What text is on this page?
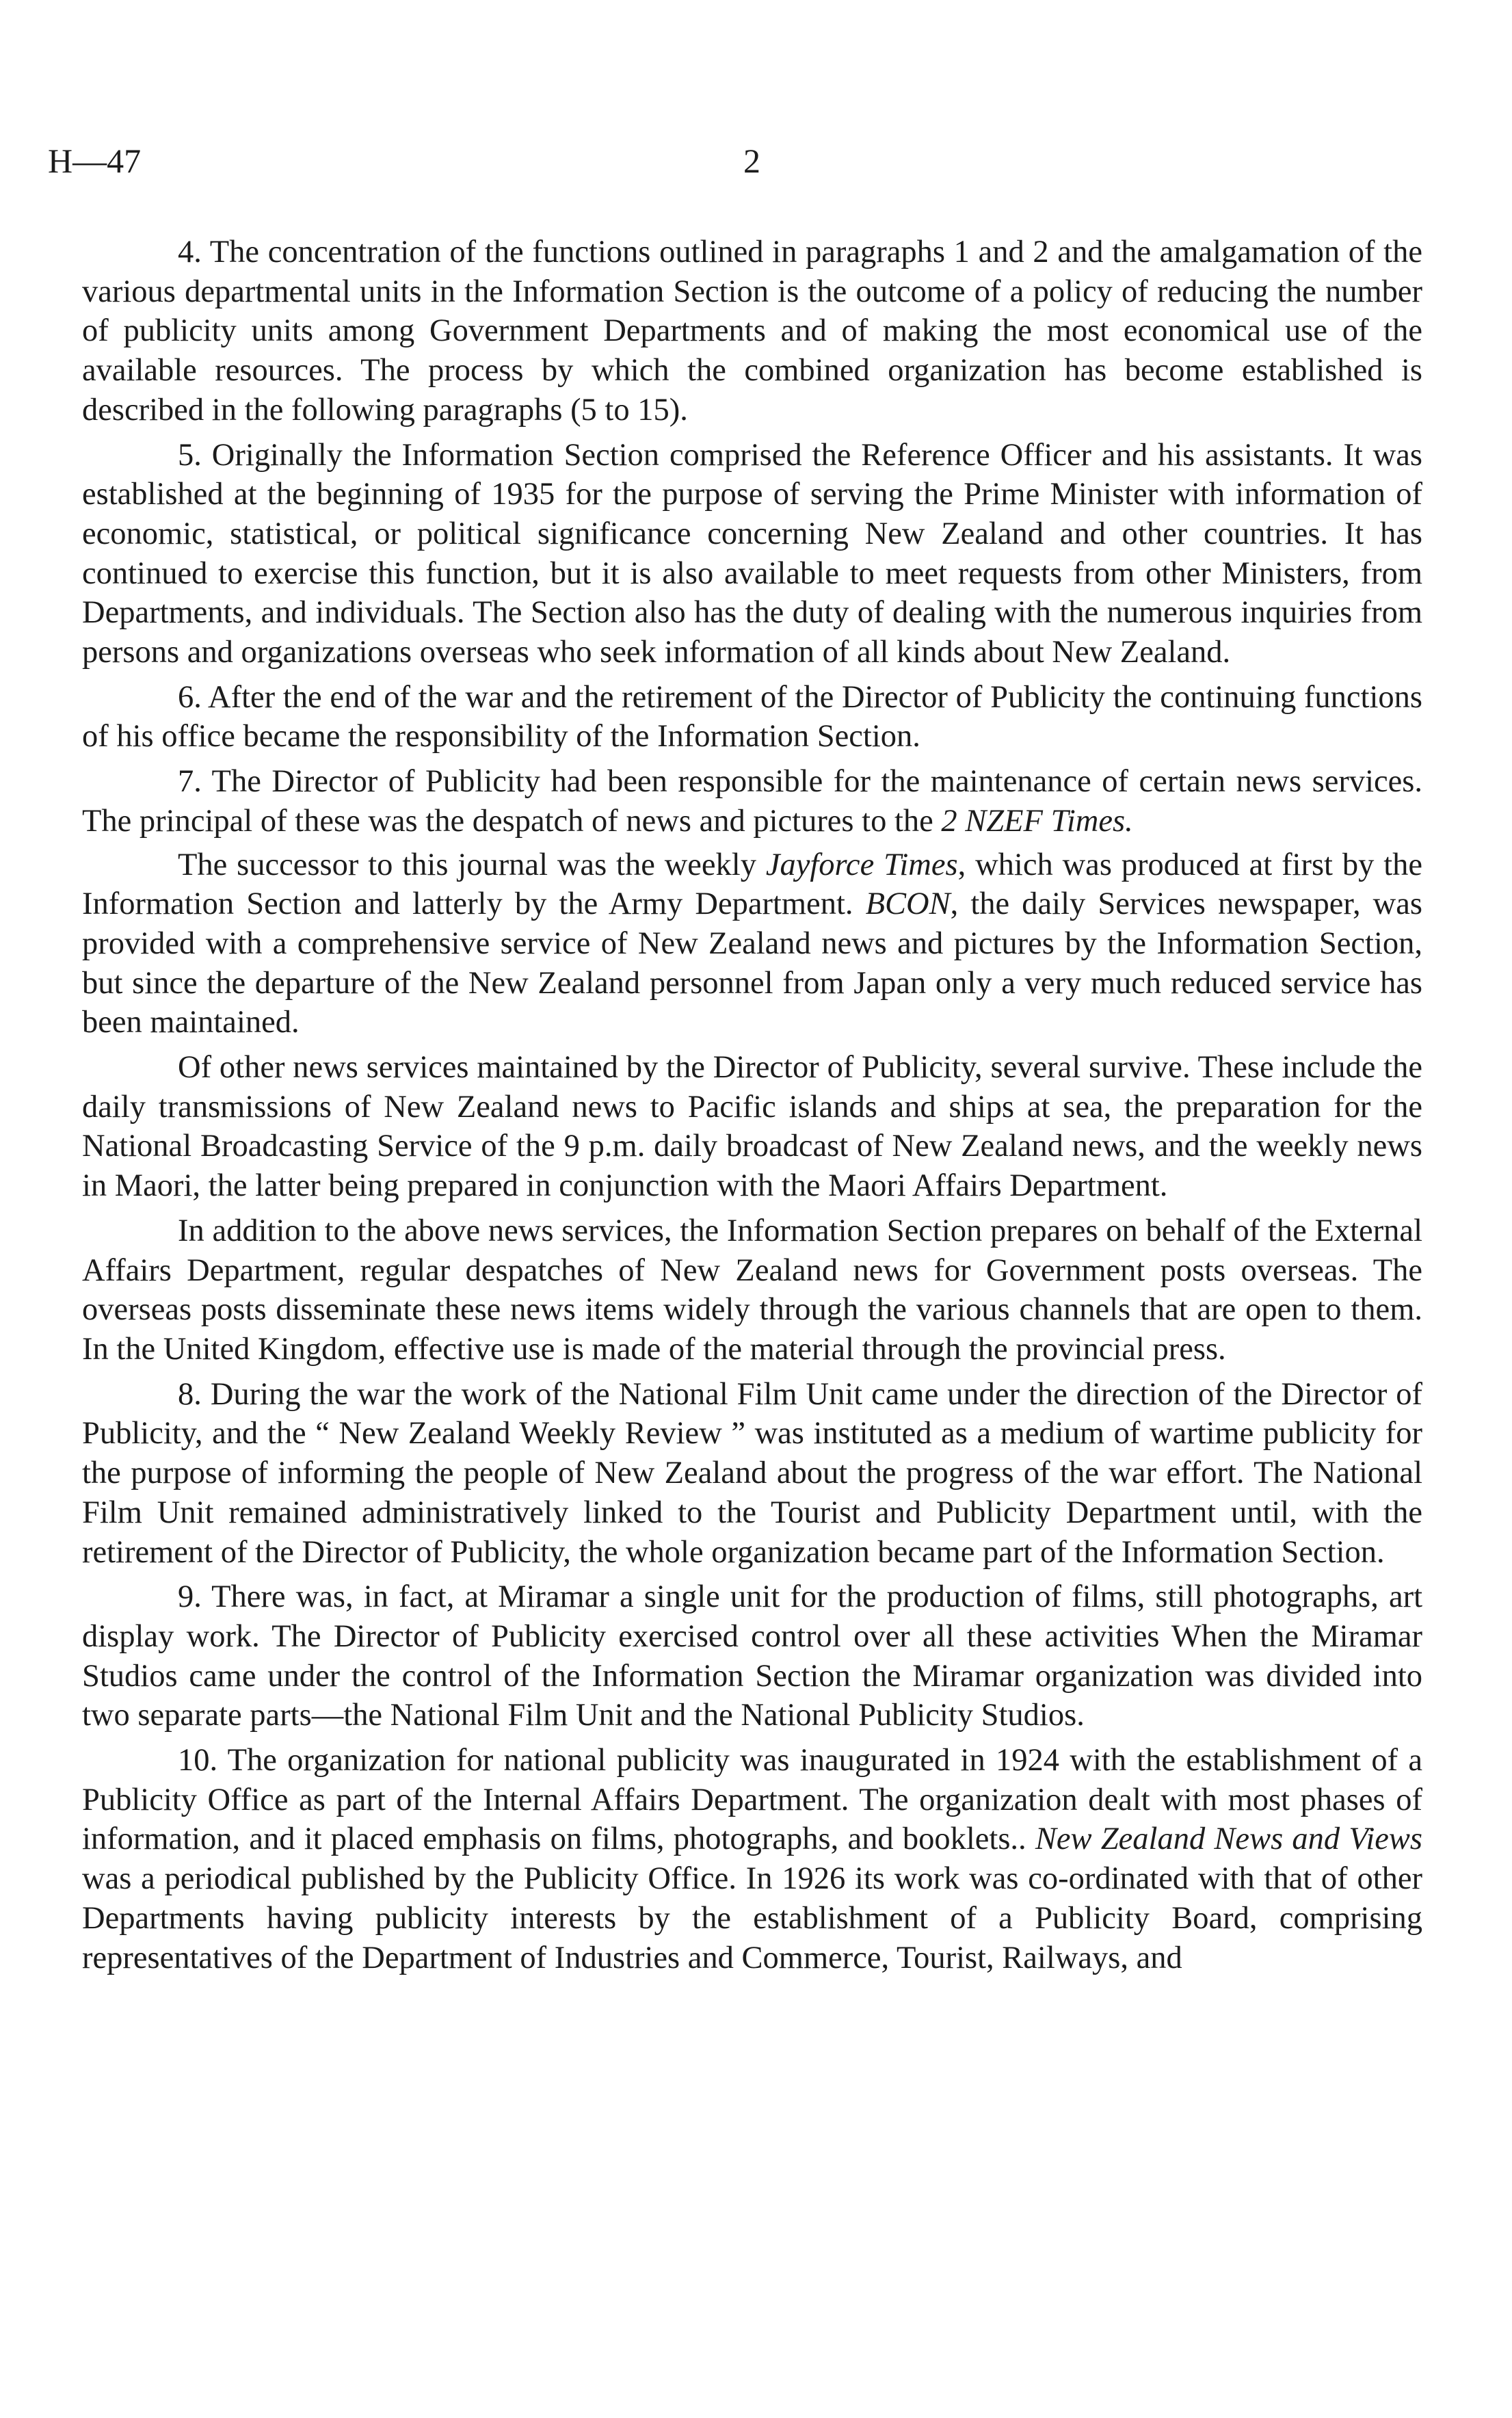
H—47	2

4. The concentration of the functions outlined in paragraphs 1 and 2 and the amalgamation of the various departmental units in the Information Section is the outcome of a policy of reducing the number of publicity units among Government Departments and of making the most economical use of the available resources. The process by which the combined organization has become established is described in the following paragraphs (5 to 15).

5. Originally the Information Section comprised the Reference Officer and his assistants. It was established at the beginning of 1935 for the purpose of serving the Prime Minister with information of economic, statistical, or political significance concerning New Zealand and other countries. It has continued to exercise this function, but it is also available to meet requests from other Ministers, from Departments, and individuals. The Section also has the duty of dealing with the numerous inquiries from persons and organizations overseas who seek information of all kinds about New Zealand.

6. After the end of the war and the retirement of the Director of Publicity the continuing functions of his office became the responsibility of the Information Section.

7. The Director of Publicity had been responsible for the maintenance of certain news services. The principal of these was the despatch of news and pictures to the 2 NZEF Times.

The successor to this journal was the weekly Jayforce Times, which was produced at first by the Information Section and latterly by the Army Department. BCON, the daily Services newspaper, was provided with a comprehensive service of New Zealand news and pictures by the Information Section, but since the departure of the New Zealand personnel from Japan only a very much reduced service has been maintained.

Of other news services maintained by the Director of Publicity, several survive. These include the daily transmissions of New Zealand news to Pacific islands and ships at sea, the preparation for the National Broadcasting Service of the 9 p.m. daily broadcast of New Zealand news, and the weekly news in Maori, the latter being prepared in conjunction with the Maori Affairs Department.

In addition to the above news services, the Information Section prepares on behalf of the External Affairs Department, regular despatches of New Zealand news for Government posts overseas. The overseas posts disseminate these news items widely through the various channels that are open to them. In the United Kingdom, effective use is made of the material through the provincial press.

8. During the war the work of the National Film Unit came under the direction of the Director of Publicity, and the “ New Zealand Weekly Review ” was instituted as a medium of wartime publicity for the purpose of informing the people of New Zealand about the progress of the war effort. The National Film Unit remained administratively linked to the Tourist and Publicity Department until, with the retirement of the Director of Publicity, the whole organization became part of the Information Section.

9. There was, in fact, at Miramar a single unit for the production of films, still photographs, art display work. The Director of Publicity exercised control over all these activities When the Miramar Studios came under the control of the Information Section the Miramar organization was divided into two separate parts—the National Film Unit and the National Publicity Studios.

10. The organization for national publicity was inaugurated in 1924 with the establishment of a Publicity Office as part of the Internal Affairs Department. The organization dealt with most phases of information, and it placed emphasis on films, photographs, and booklets.. New Zealand News and Views was a periodical published by the Publicity Office. In 1926 its work was co-ordinated with that of other Departments having publicity interests by the establishment of a Publicity Board, comprising representatives of the Department of Industries and Commerce, Tourist, Railways, and
